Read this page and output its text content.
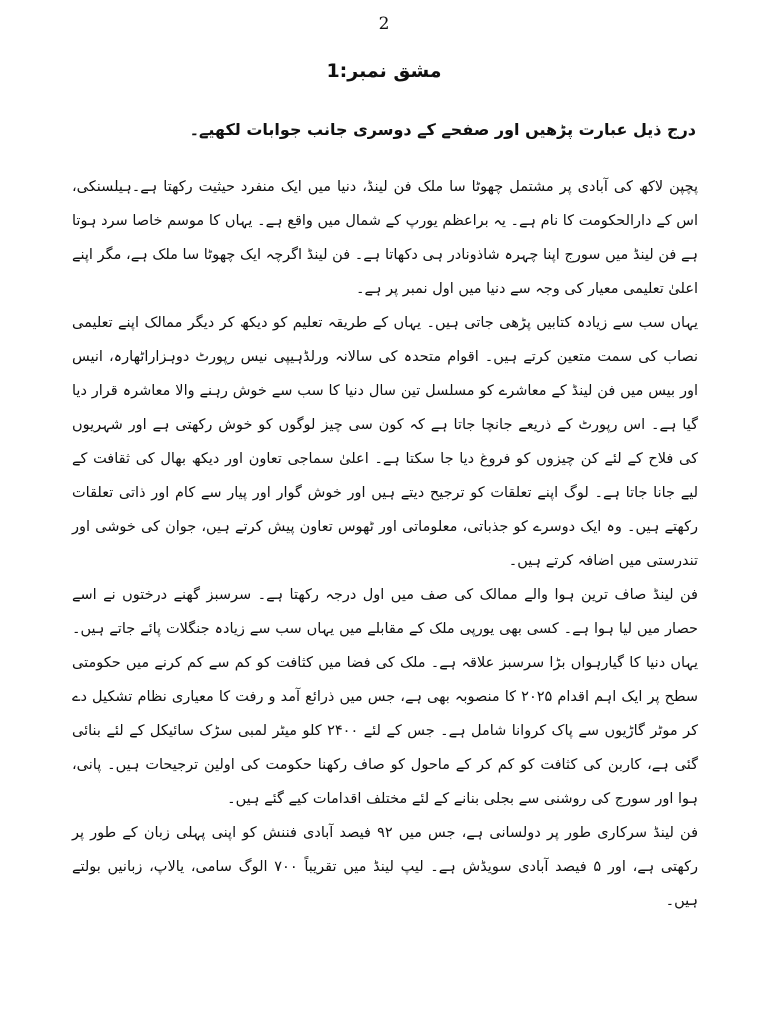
2
مشق نمبر:1
درج ذیل عبارت پڑھیں اور صفحے کے دوسری جانب جوابات لکھیے۔

پچپن لاکھ کی آبادی پر مشتمل چھوٹا سا ملک فن لینڈ، دنیا میں ایک منفرد حیثیت رکھتا ہے۔ہیلسنکی، اس کے دارالحکومت کا نام ہے۔ یہ براعظم یورپ کے شمال میں واقع ہے۔ یہاں کا موسم خاصا سرد ہوتا ہے فن لینڈ میں سورج اپنا چہرہ شاذونادر ہی دکھاتا ہے۔ فن لینڈ اگرچہ ایک چھوٹا سا ملک ہے، مگر اپنے اعلیٰ تعلیمی معیار کی وجہ سے دنیا میں اول نمبر پر ہے۔

یہاں سب سے زیادہ کتابیں پڑھی جاتی ہیں۔ یہاں کے طریقہ تعلیم کو دیکھ کر دیگر ممالک اپنے تعلیمی نصاب کی سمت متعین کرتے ہیں۔ اقوام متحدہ کی سالانہ ورلڈہیپی نیس رپورٹ دوہزاراٹھارہ، انیس اور بیس میں فن لینڈ کے معاشرے کو مسلسل تین سال دنیا کا سب سے خوش رہنے والا معاشرہ قرار دیا گیا ہے۔ اس رپورٹ کے ذریعے جانچا جاتا ہے کہ کون سی چیز لوگوں کو خوش رکھتی ہے اور شہریوں کی فلاح کے لئے کن چیزوں کو فروغ دیا جا سکتا ہے۔ اعلیٰ سماجی تعاون اور دیکھ بھال کی ثقافت کے لیے جانا جاتا ہے۔ لوگ اپنے تعلقات کو ترجیح دیتے ہیں اور خوش گوار اور پیار سے کام اور ذاتی تعلقات رکھتے ہیں۔ وہ ایک دوسرے کو جذباتی، معلوماتی اور ٹھوس تعاون پیش کرتے ہیں، جوان کی خوشی اور تندرستی میں اضافہ کرتے ہیں۔

فن لینڈ صاف ترین ہوا والے ممالک کی صف میں اول درجہ رکھتا ہے۔ سرسبز گھنے درختوں نے اسے حصار میں لیا ہوا ہے۔ کسی بھی یورپی ملک کے مقابلے میں یہاں سب سے زیادہ جنگلات پائے جاتے ہیں۔ یہاں دنیا کا گیارہواں بڑا سرسبز علاقہ ہے۔ ملک کی فضا میں کثافت کو کم سے کم کرنے میں حکومتی سطح پر ایک اہم اقدام ۲۰۲۵ کا منصوبہ بھی ہے، جس میں ذرائع آمد و رفت کا معیاری نظام تشکیل دے کر موٹر گاڑیوں سے پاک کروانا شامل ہے۔ جس کے لئے ۲۴۰۰ کلو میٹر لمبی سڑک سائیکل کے لئے بنائی گئی ہے، کاربن کی کثافت کو کم کر کے ماحول کو صاف رکھنا حکومت کی اولین ترجیحات ہیں۔ پانی، ہوا اور سورج کی روشنی سے بجلی بنانے کے لئے مختلف اقدامات کیے گئے ہیں۔

فن لینڈ سرکاری طور پر دولسانی ہے، جس میں ۹۲ فیصد آبادی فننش کو اپنی پہلی زبان کے طور پر رکھتی ہے، اور ۵ فیصد آبادی سویڈش ہے۔ لیپ لینڈ میں تقریباً ۷۰۰ الوگ سامی، یالاپ، زبانیں بولتے ہیں۔
